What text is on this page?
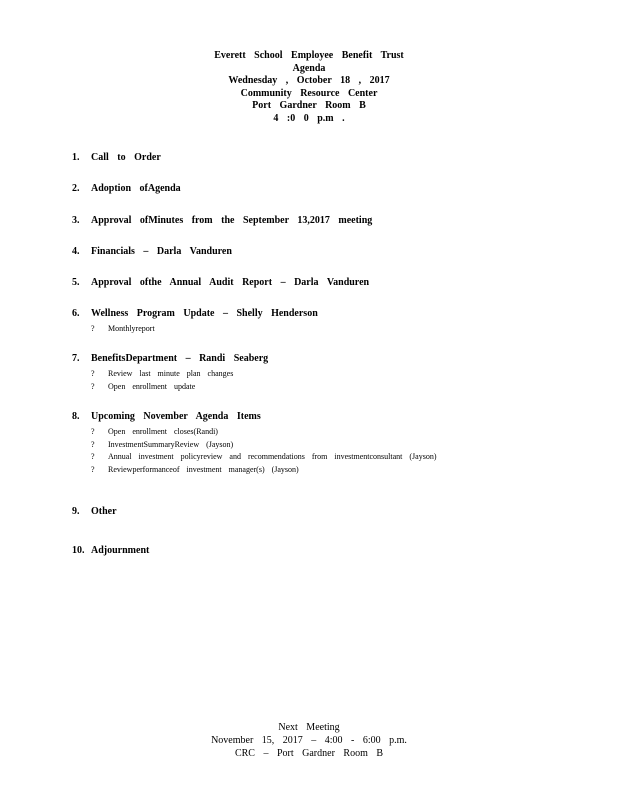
Everett School Employee Benefit Trust
Agenda
Wednesday , October 18 , 2017
Community Resource Center
Port Gardner Room B
4 :0 0 p.m .
1. Call to Order
2. Adoption ofAgenda
3. Approval ofMinutes from the September 13,2017 meeting
4. Financials – Darla Vanduren
5. Approval ofthe Annual Audit Report – Darla Vanduren
6. Wellness Program Update – Shelly Henderson
? Monthlyreport
7. BenefitsDepartment – Randi Seaberg
? Review last minute plan changes
? Open enrollment update
8. Upcoming November Agenda Items
? Open enrollment closes(Randi)
? InvestmentSummaryReview (Jayson)
? Annual investment policyreview and recommendations from investmentconsultant (Jayson)
? Reviewperformanceof investment manager(s) (Jayson)
9. Other
10. Adjournment
Next Meeting
November 15, 2017 – 4:00 - 6:00 p.m.
CRC – Port Gardner Room B
